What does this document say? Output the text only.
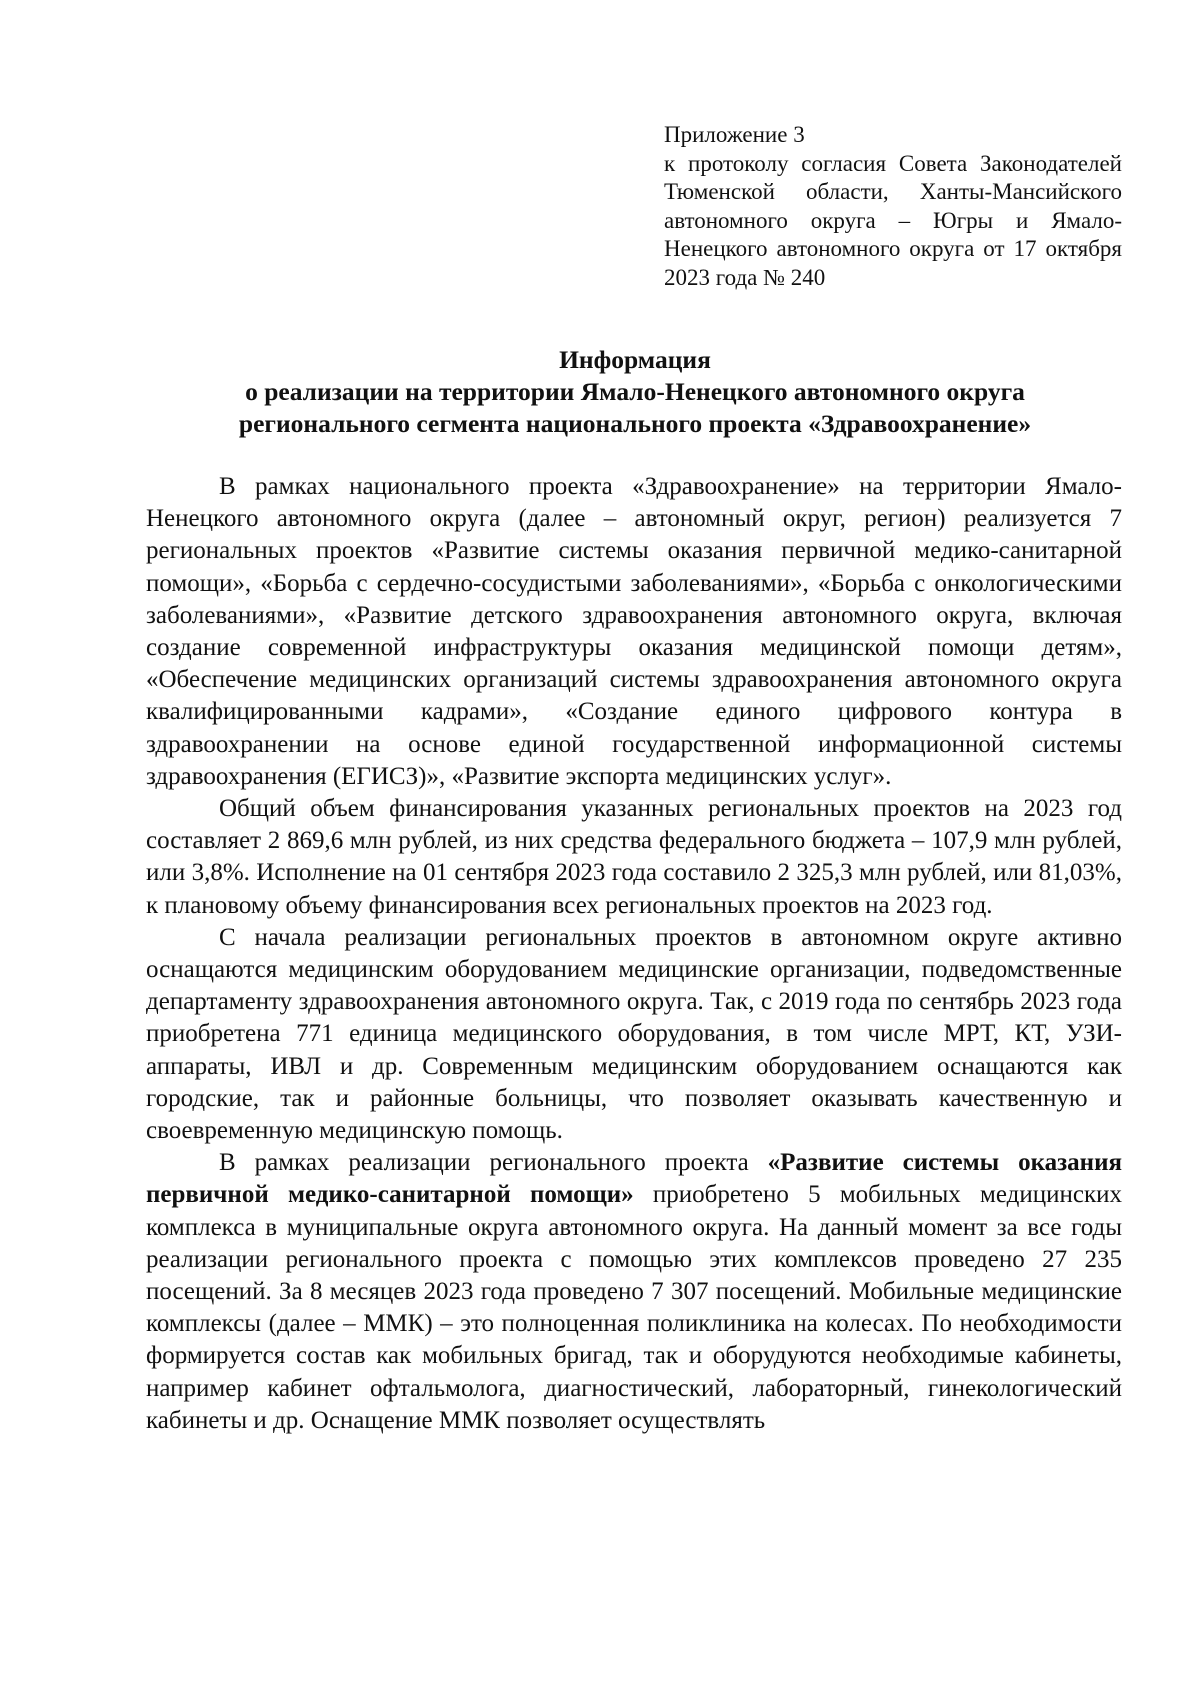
Приложение 3
к протоколу согласия Совета Законодателей Тюменской области, Ханты-Мансийского автономного округа – Югры и Ямало-Ненецкого автономного округа от 17 октября 2023 года № 240
Информация
о реализации на территории Ямало-Ненецкого автономного округа
регионального сегмента национального проекта «Здравоохранение»

В рамках национального проекта «Здравоохранение» на территории Ямало-Ненецкого автономного округа (далее – автономный округ, регион) реализуется 7 региональных проектов «Развитие системы оказания первичной медико-санитарной помощи», «Борьба с сердечно-сосудистыми заболеваниями», «Борьба с онкологическими заболеваниями», «Развитие детского здравоохранения автономного округа, включая создание современной инфраструктуры оказания медицинской помощи детям», «Обеспечение медицинских организаций системы здравоохранения автономного округа квалифицированными кадрами», «Создание единого цифрового контура в здравоохранении на основе единой государственной информационной системы здравоохранения (ЕГИСЗ)», «Развитие экспорта медицинских услуг».

Общий объем финансирования указанных региональных проектов на 2023 год составляет 2 869,6 млн рублей, из них средства федерального бюджета – 107,9 млн рублей, или 3,8%. Исполнение на 01 сентября 2023 года составило 2 325,3 млн рублей, или 81,03%, к плановому объему финансирования всех региональных проектов на 2023 год.

С начала реализации региональных проектов в автономном округе активно оснащаются медицинским оборудованием медицинские организации, подведомственные департаменту здравоохранения автономного округа. Так, с 2019 года по сентябрь 2023 года приобретена 771 единица медицинского оборудования, в том числе МРТ, КТ, УЗИ-аппараты, ИВЛ и др. Современным медицинским оборудованием оснащаются как городские, так и районные больницы, что позволяет оказывать качественную и своевременную медицинскую помощь.

В рамках реализации регионального проекта «Развитие системы оказания первичной медико-санитарной помощи» приобретено 5 мобильных медицинских комплекса в муниципальные округа автономного округа. На данный момент за все годы реализации регионального проекта с помощью этих комплексов проведено 27 235 посещений. За 8 месяцев 2023 года проведено 7 307 посещений. Мобильные медицинские комплексы (далее – ММК) – это полноценная поликлиника на колесах. По необходимости формируется состав как мобильных бригад, так и оборудуются необходимые кабинеты, например кабинет офтальмолога, диагностический, лабораторный, гинекологический кабинеты и др. Оснащение ММК позволяет осуществлять
